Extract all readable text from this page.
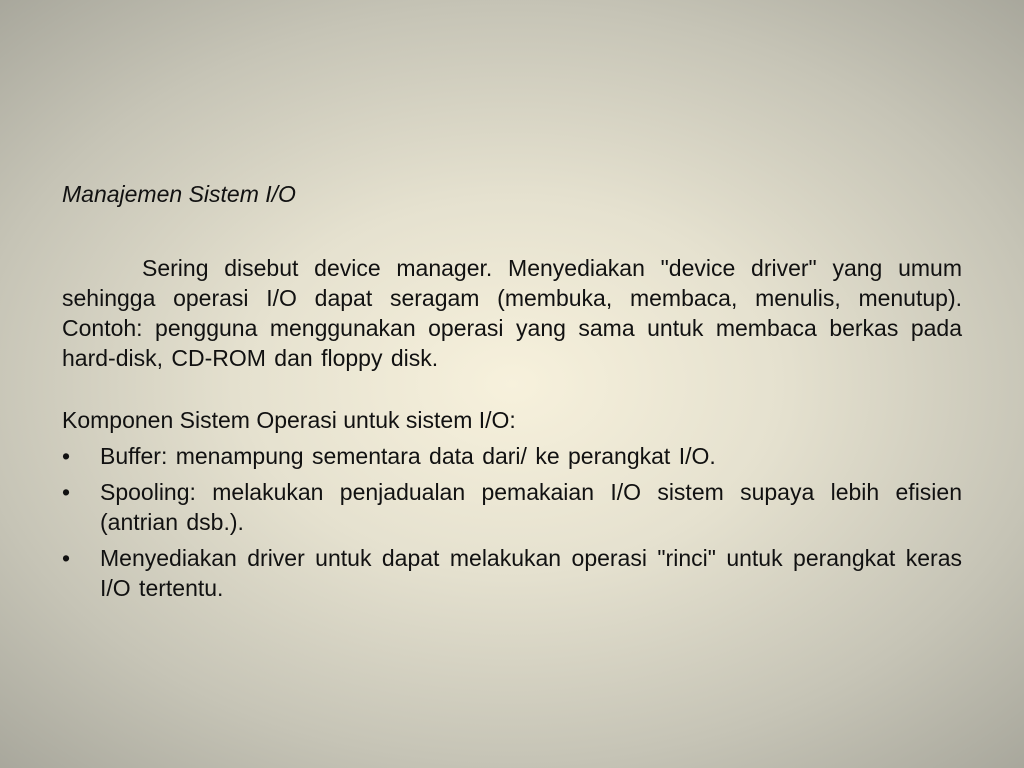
Manajemen Sistem I/O

Sering disebut device manager. Menyediakan "device driver" yang umum sehingga operasi I/O dapat seragam (membuka, membaca, menulis, menutup). Contoh: pengguna menggunakan operasi yang sama untuk membaca berkas pada hard-disk, CD-ROM dan floppy disk.

Komponen Sistem Operasi untuk sistem I/O:

•	Buffer: menampung sementara data dari/ ke perangkat I/O.
•	Spooling: melakukan penjadualan pemakaian I/O sistem supaya lebih efisien (antrian dsb.).
•	Menyediakan driver untuk dapat melakukan operasi "rinci" untuk perangkat keras I/O tertentu.
